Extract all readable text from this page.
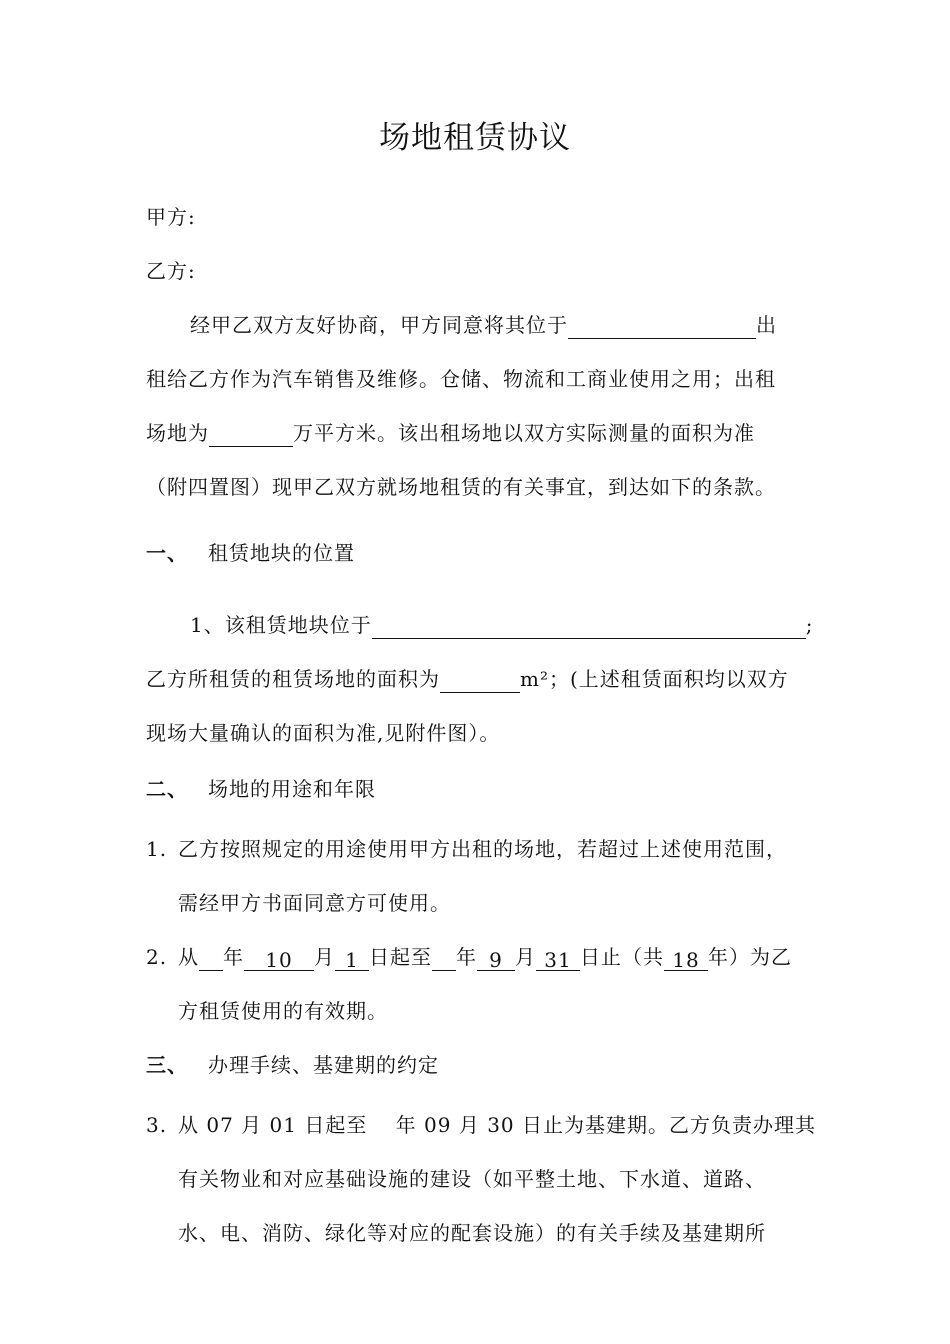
场地租赁协议
甲方:
乙方:
经甲乙双方友好协商，甲方同意将其位于	出
租给乙方作为汽车销售及维修。仓储、物流和工商业使用之用；出租
场地为	万平方米。该出租场地以双方实际测量的面积为准
（附四置图）现甲乙双方就场地租赁的有关事宜，到达如下的条款。
一、 租赁地块的位置
1、该租赁地块位于	;
乙方所租赁的租赁场地的面积为	m²；(上述租赁面积均以双方
现场大量确认的面积为准,见附件图）。
二、 场地的用途和年限
1. 乙方按照规定的用途使用甲方出租的场地，若超过上述使用范围，
需经甲方书面同意方可使用。
2. 从 年 10 月 1 日起至 年 9 月 31 日止（共 18 年）为乙
方租赁使用的有效期。
三、 办理手续、基建期的约定
3. 从 07 月 01 日起至　 年 09 月 30 日止为基建期。乙方负责办理其
有关物业和对应基础设施的建设（如平整土地、下水道、道路、
水、电、消防、绿化等对应的配套设施）的有关手续及基建期所
